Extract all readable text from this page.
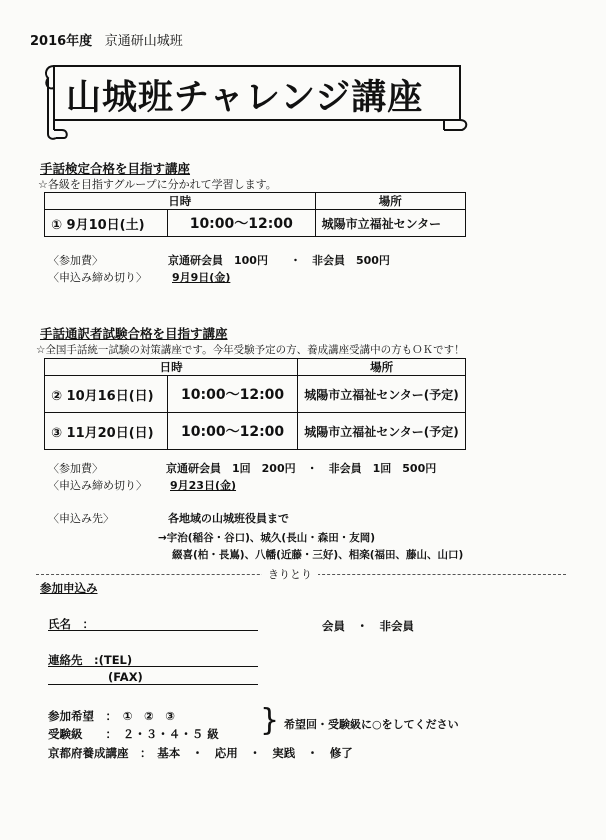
2016年度 京通研山城班
山城班チャレンジ講座
手話検定合格を目指す講座
☆各級を目指すグループに分かれて学習します。
日時		場所
① 9月10日(土)	10:00～12:00	城陽市立福祉センター
〈参加費〉	京通研会員　100円　　・　非会員　500円
〈申込み締め切り〉 9月9日(金)
手話通訳者試験合格を目指す講座
☆全国手話統一試験の対策講座です。今年受験予定の方、養成講座受講中の方もＯＫです！
日時		場所
② 10月16日(日)	10:00～12:00	城陽市立福祉センター(予定)
③ 11月20日(日)	10:00～12:00	城陽市立福祉センター(予定)
〈参加費〉	京通研会員　1回　200円　・　非会員　1回　500円
〈申込み締め切り〉 9月23日(金)
〈申込み先〉	各地域の山城班役員まで
→宇治(稲谷・谷口)、城久(長山・森田・友岡)
綴喜(柏・長嶌)、八幡(近藤・三好)、相楽(福田、藤山、山口)
きりとり
参加申込み
氏名　：	会員　・　非会員
連絡先　:(TEL)
(FAX)
参加希望　：　①　②　③
受験級　　：　２・３・４・５ 級 } 希望回・受験級に○をしてください
京都府養成講座　：　基本　・　応用　・　実践　・　修了
